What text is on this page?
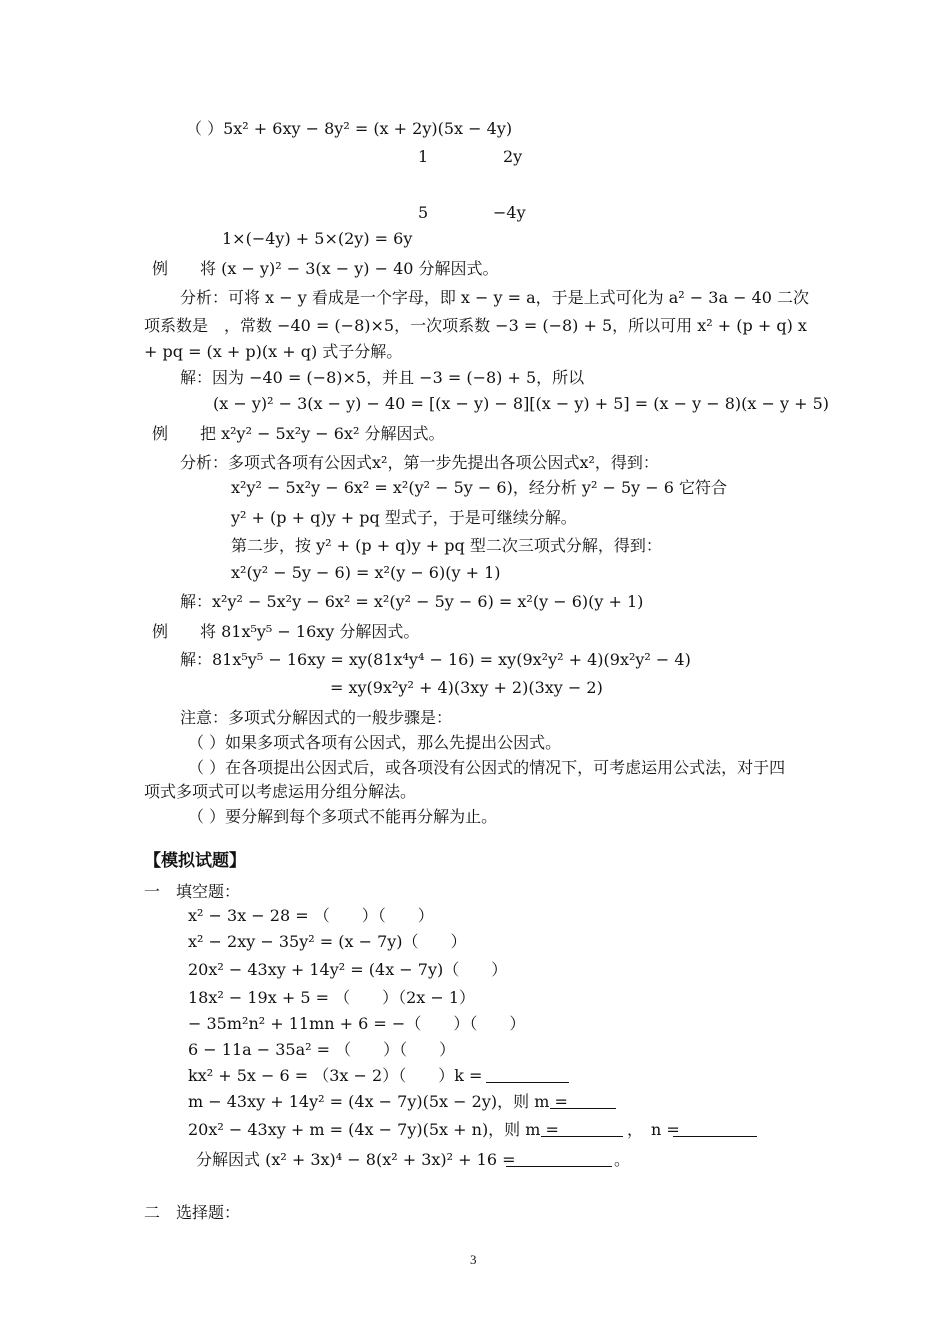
（ ）5x² + 6xy − 8y² = (x + 2y)(5x − 4y)
1	2y
5	−4y
1×(−4y) + 5×(2y) = 6y
例　　将 (x − y)² − 3(x − y) − 40 分解因式。
分析：可将 x − y 看成是一个字母，即 x − y = a，于是上式可化为 a² − 3a − 40 二次
项系数是　，常数 −40 = (−8)×5，一次项系数 −3 = (−8) + 5，所以可用 x² + (p + q) x
+ pq = (x + p)(x + q) 式子分解。
解：因为 −40 = (−8)×5，并且 −3 = (−8) + 5，所以
(x − y)² − 3(x − y) − 40 = [(x − y) − 8][(x − y) + 5] = (x − y − 8)(x − y + 5)
例　　把 x²y² − 5x²y − 6x² 分解因式。
分析：多项式各项有公因式x²，第一步先提出各项公因式x²，得到：
x²y² − 5x²y − 6x² = x²(y² − 5y − 6)，经分析 y² − 5y − 6 它符合
y² + (p + q)y + pq 型式子，于是可继续分解。
第二步，按 y² + (p + q)y + pq 型二次三项式分解，得到：
x²(y² − 5y − 6) = x²(y − 6)(y + 1)
解：x²y² − 5x²y − 6x² = x²(y² − 5y − 6) = x²(y − 6)(y + 1)
例　　将 81x⁵y⁵ − 16xy 分解因式。
解：81x⁵y⁵ − 16xy = xy(81x⁴y⁴ − 16) = xy(9x²y² + 4)(9x²y² − 4)
= xy(9x²y² + 4)(3xy + 2)(3xy − 2)
注意：多项式分解因式的一般步骤是：
（ ）如果多项式各项有公因式，那么先提出公因式。
（ ）在各项提出公因式后，或各项没有公因式的情况下，可考虑运用公式法，对于四
项式多项式可以考虑运用分组分解法。
（ ）要分解到每个多项式不能再分解为止。
【模拟试题】
一　填空题：
x² − 3x − 28 = （　　）（　　）
x² − 2xy − 35y² = (x − 7y)（　　）
20x² − 43xy + 14y² = (4x − 7y)（　　）
18x² − 19x + 5 = （　　）（2x − 1）
− 35m²n² + 11mn + 6 = −（　　）（　　）
6 − 11a − 35a² = （　　）（　　）
kx² + 5x − 6 = （3x − 2）（　　）k =
m − 43xy + 14y² = (4x − 7y)(5x − 2y)，则 m =
20x² − 43xy + m = (4x − 7y)(5x + n)，则 m =	，　n =
分解因式 (x² + 3x)⁴ − 8(x² + 3x)² + 16 =	。
二　选择题：
3
